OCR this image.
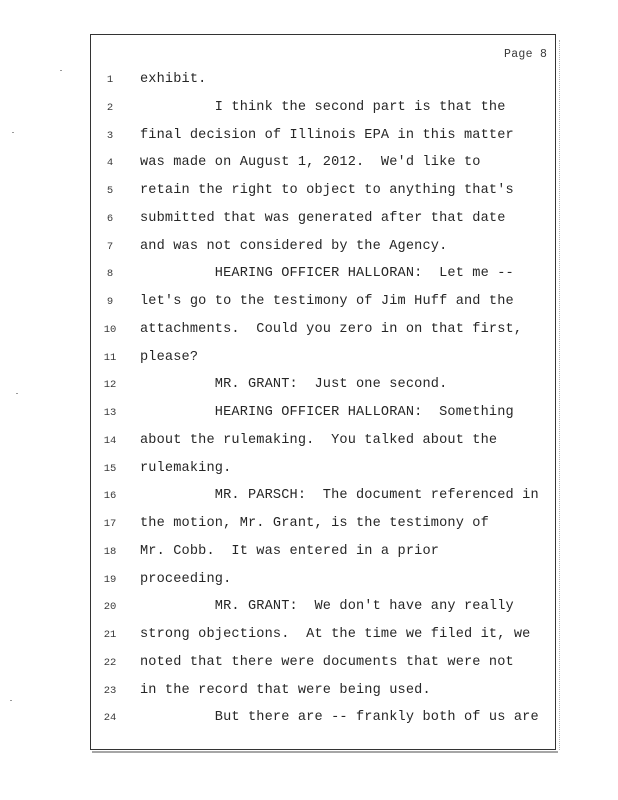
Page 8
1	exhibit.
2	I think the second part is that the
3	final decision of Illinois EPA in this matter
4	was made on August 1, 2012.  We'd like to
5	retain the right to object to anything that's
6	submitted that was generated after that date
7	and was not considered by the Agency.
8	HEARING OFFICER HALLORAN:  Let me --
9	let's go to the testimony of Jim Huff and the
10 attachments.  Could you zero in on that first,
11 please?
12 MR. GRANT:  Just one second.
13 HEARING OFFICER HALLORAN:  Something
14 about the rulemaking.  You talked about the
15 rulemaking.
16 MR. PARSCH:  The document referenced in
17 the motion, Mr. Grant, is the testimony of
18 Mr. Cobb.  It was entered in a prior
19 proceeding.
20 MR. GRANT:  We don't have any really
21 strong objections.  At the time we filed it, we
22 noted that there were documents that were not
23 in the record that were being used.
24 But there are -- frankly both of us are
